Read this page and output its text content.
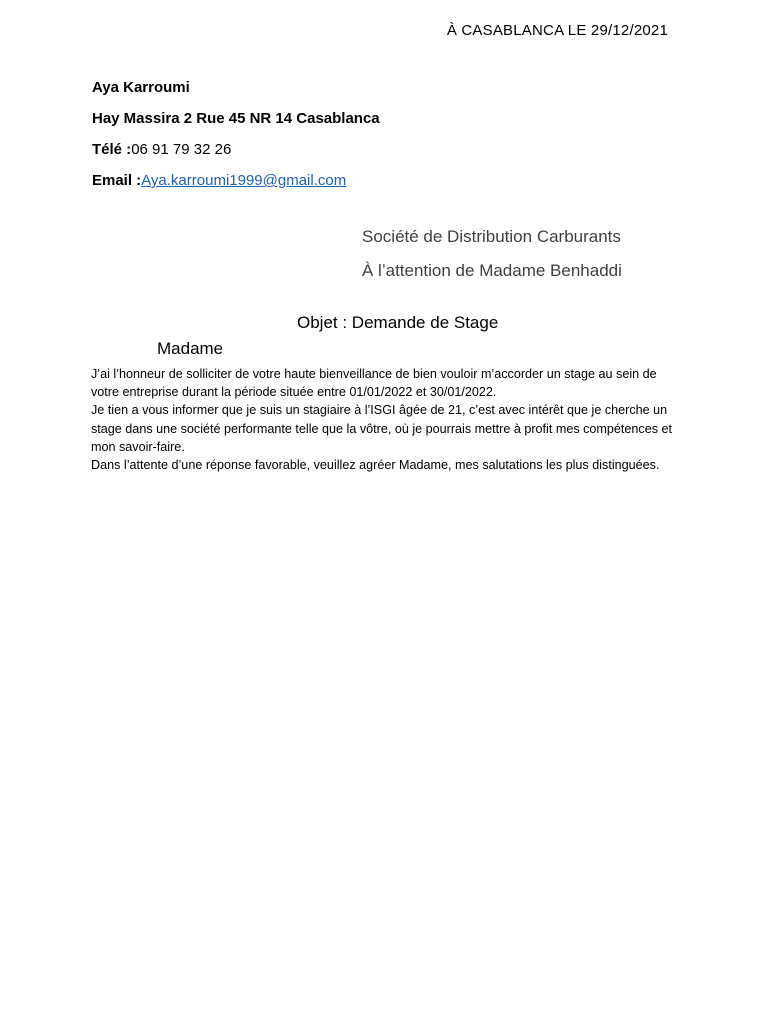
À CASABLANCA LE 29/12/2021
Aya Karroumi
Hay Massira 2 Rue 45 NR 14 Casablanca
Télé :06 91 79 32 26
Email :Aya.karroumi1999@gmail.com
Société de Distribution Carburants
À l’attention de Madame Benhaddi
Objet : Demande de Stage
Madame

J’ai l’honneur de solliciter de votre haute bienveillance de bien vouloir m’accorder un stage au sein de votre entreprise durant la période située entre 01/01/2022 et 30/01/2022.

Je tien a vous informer que je suis un stagiaire à l’ISGI âgée de 21, c’est avec intérêt que je cherche un stage dans une société performante telle que la vôtre, où je pourrais mettre à profit mes compétences et mon savoir-faire.

Dans l’attente d’une réponse favorable, veuillez agréer Madame, mes salutations les plus distinguées.
